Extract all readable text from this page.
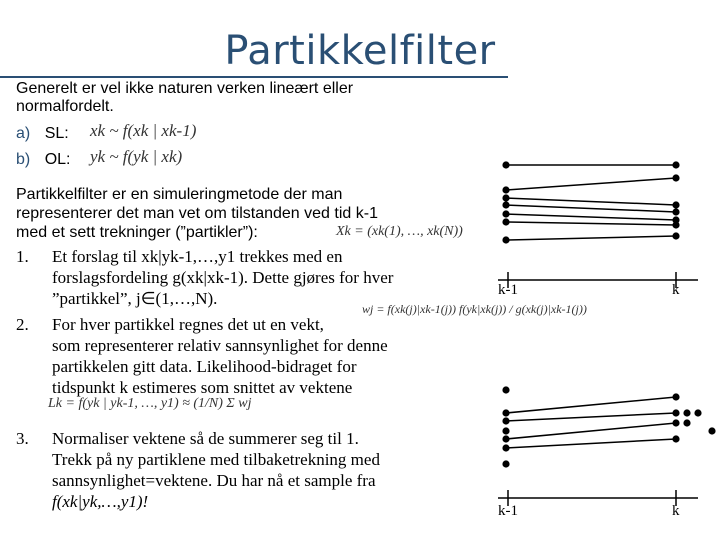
Partikkelfilter
Generelt er vel ikke naturen verken lineært eller
normalfordelt.
a) SL: xk ~ f(xk | xk-1)
b) OL: yk ~ f(yk | xk)
Partikkelfilter er en simuleringmetode der man
representerer det man vet om tilstanden ved tid k-1
med et sett trekninger (”partikler”):	Xk = (xk(1), …, xk(N))
1. Et forslag til xk|yk-1,…,y1 trekkes med en
forslagsfordeling g(xk|xk-1). Dette gjøres for hver
”partikkel”, j∈(1,…,N).
2. For hver partikkel regnes det ut en vekt,
som representerer relativ sannsynlighet for denne
partikkelen gitt data. Likelihood-bidraget for
tidspunkt k estimeres som snittet av vektene
wj = f(xk(j)|xk-1(j)) f(yk|xk(j)) / g(xk(j)|xk-1(j))
Lk = f(yk | yk-1, …, y1) ≈ (1/N) Σ wj
3. Normaliser vektene så de summerer seg til 1.
Trekk på ny partiklene med tilbaketrekning med
sannsynlighet=vektene. Du har nå et sample fra
f(xk|yk,…,y1)!
k-1	k
k-1	k
